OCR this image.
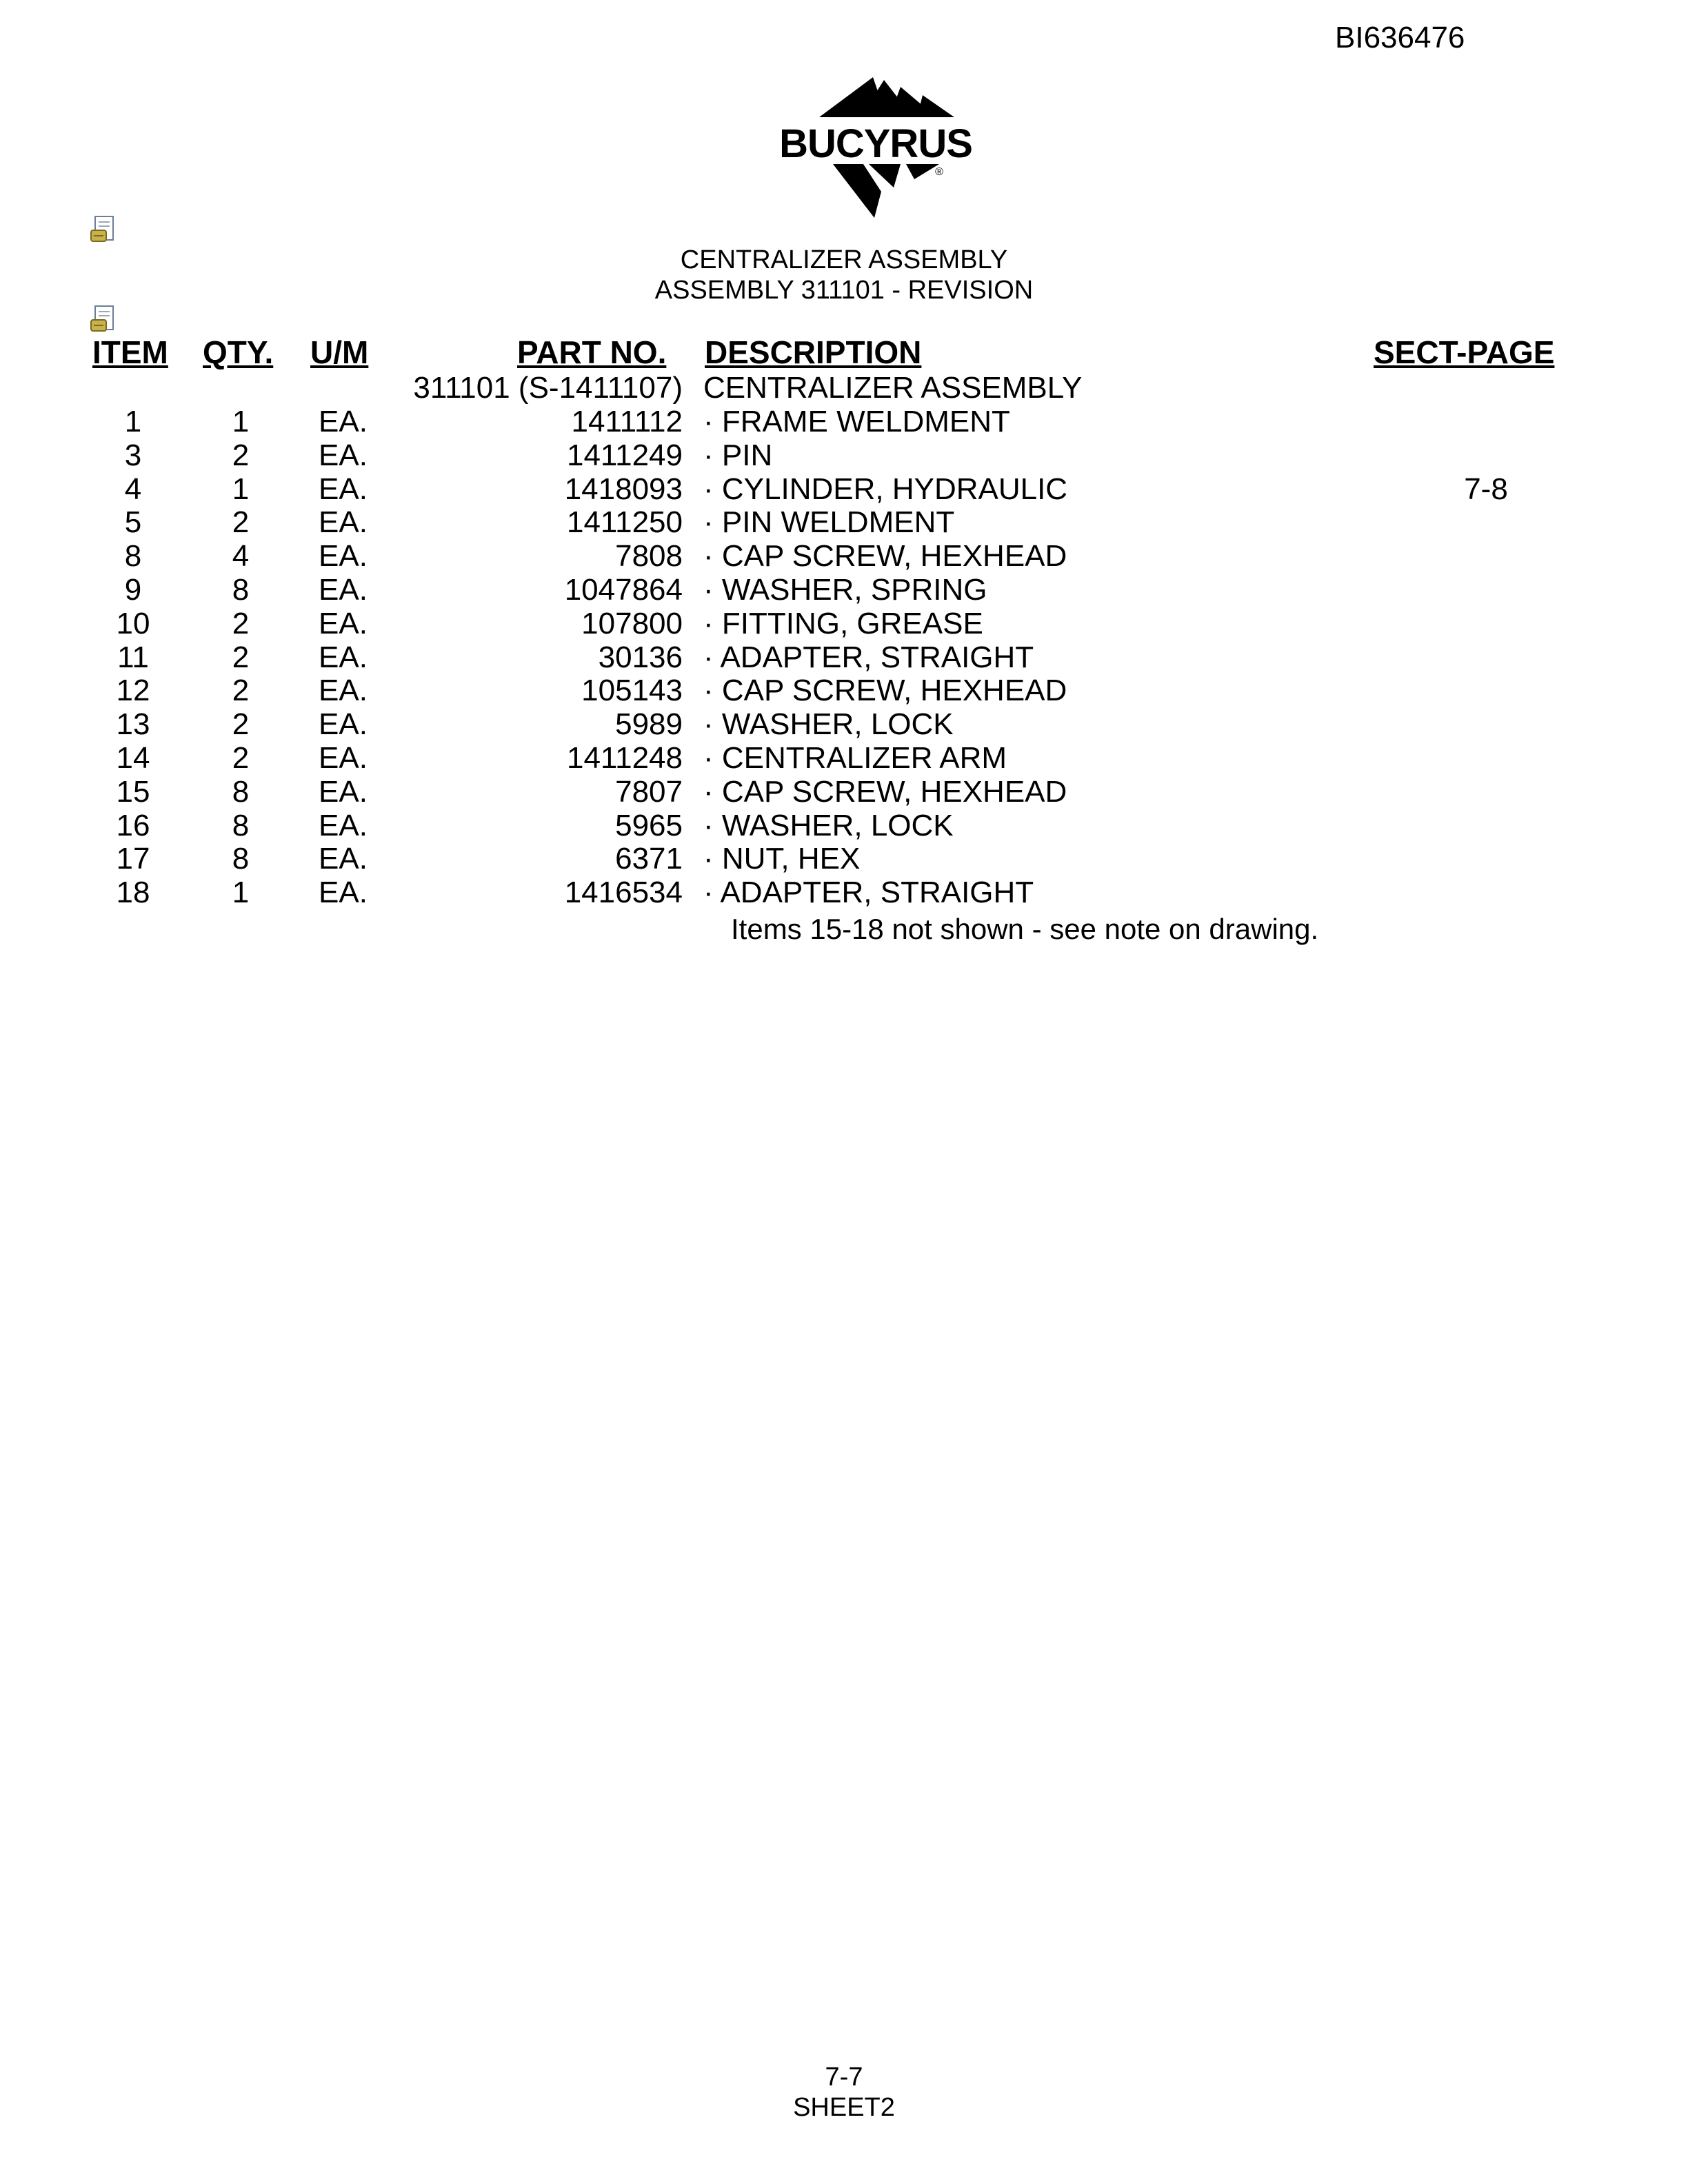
BI636476
BUCYRUS
®
CENTRALIZER ASSEMBLY
ASSEMBLY 311101 - REVISION
ITEM QTY. U/M	PART NO. DESCRIPTION	SECT-PAGE
311101 (S-1411107) CENTRALIZER ASSEMBLY
1	1	EA.	1411112 · FRAME WELDMENT
3	2	EA.	1411249 · PIN
4	1	EA.	1418093 · CYLINDER, HYDRAULIC	7-8
5	2	EA.	1411250 · PIN WELDMENT
8	4	EA.	7808 · CAP SCREW, HEXHEAD
9	8	EA.	1047864 · WASHER, SPRING
10	2	EA.	107800 · FITTING, GREASE
11	2	EA.	30136 · ADAPTER, STRAIGHT
12	2	EA.	105143 · CAP SCREW, HEXHEAD
13	2	EA.	5989 · WASHER, LOCK
14	2	EA.	1411248 · CENTRALIZER ARM
15	8	EA.	7807 · CAP SCREW, HEXHEAD
16	8	EA.	5965 · WASHER, LOCK
17	8	EA.	6371 · NUT, HEX
18	1	EA.	1416534 · ADAPTER, STRAIGHT
Items 15-18 not shown - see note on drawing.
7-7
SHEET2
